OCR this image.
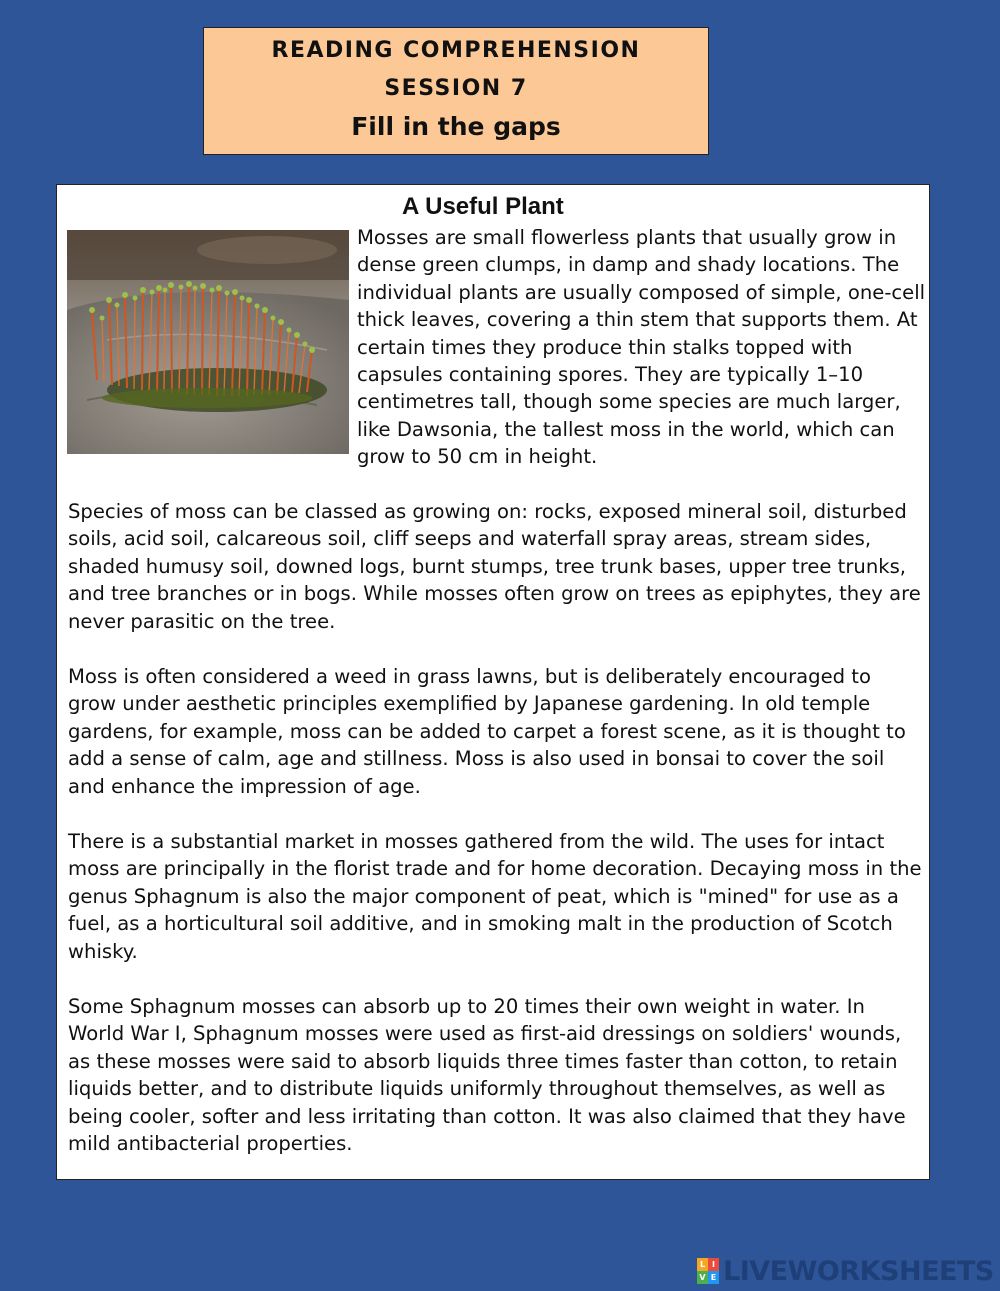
READING COMPREHENSION
SESSION 7
Fill in the gaps
A Useful Plant

Mosses are small flowerless plants that usually grow in dense green clumps, in damp and shady locations. The individual plants are usually composed of simple, one-cell thick leaves, covering a thin stem that supports them. At certain times they produce thin stalks topped with capsules containing spores. They are typically 1–10 centimetres tall, though some species are much larger, like Dawsonia, the tallest moss in the world, which can grow to 50 cm in height.

Species of moss can be classed as growing on: rocks, exposed mineral soil, disturbed soils, acid soil, calcareous soil, cliff seeps and waterfall spray areas, stream sides, shaded humusy soil, downed logs, burnt stumps, tree trunk bases, upper tree trunks, and tree branches or in bogs. While mosses often grow on trees as epiphytes, they are never parasitic on the tree.

Moss is often considered a weed in grass lawns, but is deliberately encouraged to grow under aesthetic principles exemplified by Japanese gardening. In old temple gardens, for example, moss can be added to carpet a forest scene, as it is thought to add a sense of calm, age and stillness. Moss is also used in bonsai to cover the soil and enhance the impression of age.

There is a substantial market in mosses gathered from the wild. The uses for intact moss are principally in the florist trade and for home decoration. Decaying moss in the genus Sphagnum is also the major component of peat, which is "mined" for use as a fuel, as a horticultural soil additive, and in smoking malt in the production of Scotch whisky.

Some Sphagnum mosses can absorb up to 20 times their own weight in water. In World War I, Sphagnum mosses were used as first-aid dressings on soldiers' wounds, as these mosses were said to absorb liquids three times faster than cotton, to retain liquids better, and to distribute liquids uniformly throughout themselves, as well as being cooler, softer and less irritating than cotton. It was also claimed that they have mild antibacterial properties.

L I
V E LIVEWORKSHEETS
